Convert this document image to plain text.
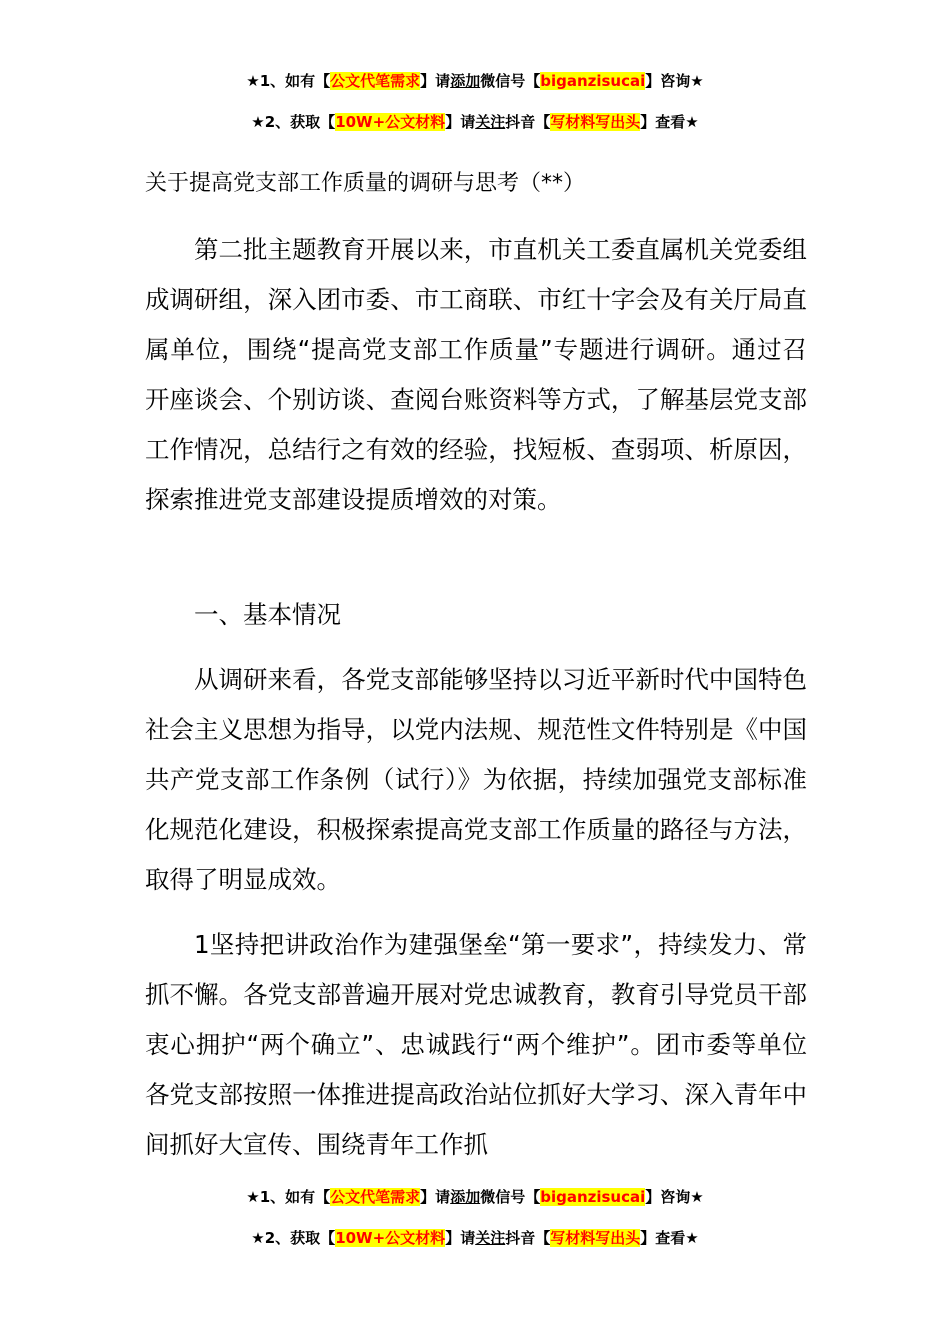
★1、如有【公文代笔需求】请添加微信号【biganzisucai】咨询★
★2、获取【10W+公文材料】请关注抖音【写材料写出头】查看★
关于提高党支部工作质量的调研与思考（**）

第二批主题教育开展以来，市直机关工委直属机关党委组成调研组，深入团市委、市工商联、市红十字会及有关厅局直属单位，围绕“提高党支部工作质量”专题进行调研。通过召开座谈会、个别访谈、查阅台账资料等方式，了解基层党支部工作情况，总结行之有效的经验，找短板、查弱项、析原因，探索推进党支部建设提质增效的对策。

一、基本情况

从调研来看，各党支部能够坚持以习近平新时代中国特色社会主义思想为指导，以党内法规、规范性文件特别是《中国共产党支部工作条例（试行）》为依据，持续加强党支部标准化规范化建设，积极探索提高党支部工作质量的路径与方法，取得了明显成效。

1坚持把讲政治作为建强堡垒“第一要求”，持续发力、常抓不懈。各党支部普遍开展对党忠诚教育，教育引导党员干部衷心拥护“两个确立”、忠诚践行“两个维护”。团市委等单位各党支部按照一体推进提高政治站位抓好大学习、深入青年中间抓好大宣传、围绕青年工作抓

★1、如有【公文代笔需求】请添加微信号【biganzisucai】咨询★
★2、获取【10W+公文材料】请关注抖音【写材料写出头】查看★
